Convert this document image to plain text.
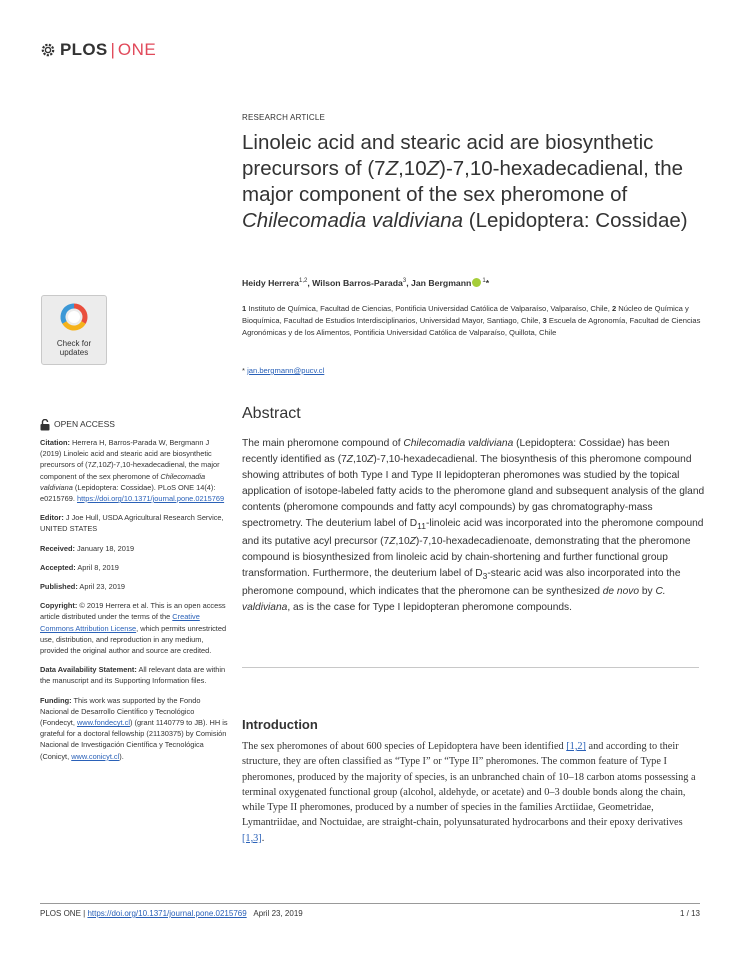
PLOS | ONE
RESEARCH ARTICLE
Linoleic acid and stearic acid are biosynthetic precursors of (7Z,10Z)-7,10-hexadecadienal, the major component of the sex pheromone of Chilecomadia valdiviana (Lepidoptera: Cossidae)
Heidy Herrera$^{1,2}$, Wilson Barros-Parada$^3$, Jan Bergmann $^1$*
1 Instituto de Química, Facultad de Ciencias, Pontificia Universidad Católica de Valparaíso, Valparaíso, Chile, 2 Núcleo de Química y Bioquímica, Facultad de Estudios Interdisciplinarios, Universidad Mayor, Santiago, Chile, 3 Escuela de Agronomía, Facultad de Ciencias Agronómicas y de los Alimentos, Pontificia Universidad Católica de Valparaíso, Quillota, Chile
* jan.bergmann@pucv.cl
Check for
updates
OPEN ACCESS

Citation: Herrera H, Barros-Parada W, Bergmann J (2019) Linoleic acid and stearic acid are biosynthetic precursors of (7Z,10Z)-7,10-hexadecadienal, the major component of the sex pheromone of Chilecomadia valdiviana (Lepidoptera: Cossidae). PLoS ONE 14(4): e0215769. https://doi.org/10.1371/journal.pone.0215769

Editor: J Joe Hull, USDA Agricultural Research Service, UNITED STATES

Received: January 18, 2019

Accepted: April 8, 2019

Published: April 23, 2019

Copyright: © 2019 Herrera et al. This is an open access article distributed under the terms of the Creative Commons Attribution License, which permits unrestricted use, distribution, and reproduction in any medium, provided the original author and source are credited.

Data Availability Statement: All relevant data are within the manuscript and its Supporting Information files.

Funding: This work was supported by the Fondo Nacional de Desarrollo Científico y Tecnológico (Fondecyt, www.fondecyt.cl) (grant 1140779 to JB). HH is grateful for a doctoral fellowship (21130375) by Comisión Nacional de Investigación Científica y Tecnológica (Conicyt, www.conicyt.cl).

Abstract
The main pheromone compound of Chilecomadia valdiviana (Lepidoptera: Cossidae) has been recently identified as (7Z,10Z)-7,10-hexadecadienal. The biosynthesis of this pheromone compound showing attributes of both Type I and Type II lepidopteran pheromones was studied by the topical application of isotope-labeled fatty acids to the pheromone gland and subsequent analysis of the gland contents (pheromone compounds and fatty acyl compounds) by gas chromatography-mass spectrometry. The deuterium label of $D_{11}$-linoleic acid was incorporated into the pheromone compound and its putative acyl precursor (7Z,10Z)-7,10-hexadecadienoate, demonstrating that the pheromone compound is biosynthesized from linoleic acid by chain-shortening and further functional group transformation. Furthermore, the deuterium label of $D_3$-stearic acid was also incorporated into the pheromone compound, which indicates that the pheromone can be synthesized de novo by C. valdiviana, as is the case for Type I lepidopteran pheromone compounds.
Introduction
The sex pheromones of about 600 species of Lepidoptera have been identified [1,2] and according to their structure, they are often classified as “Type I” or “Type II” pheromones. The common feature of Type I pheromones, produced by the majority of species, is an unbranched chain of 10–18 carbon atoms possessing a terminal oxygenated functional group (alcohol, aldehyde, or acetate) and 0–3 double bonds along the chain, while Type II pheromones, produced by a number of species in the families Arctiidae, Geometridae, Lymantriidae, and Noctuidae, are straight-chain, polyunsaturated hydrocarbons and their epoxy derivatives [1,3].
PLOS ONE | https://doi.org/10.1371/journal.pone.0215769 April 23, 2019	1 / 13
